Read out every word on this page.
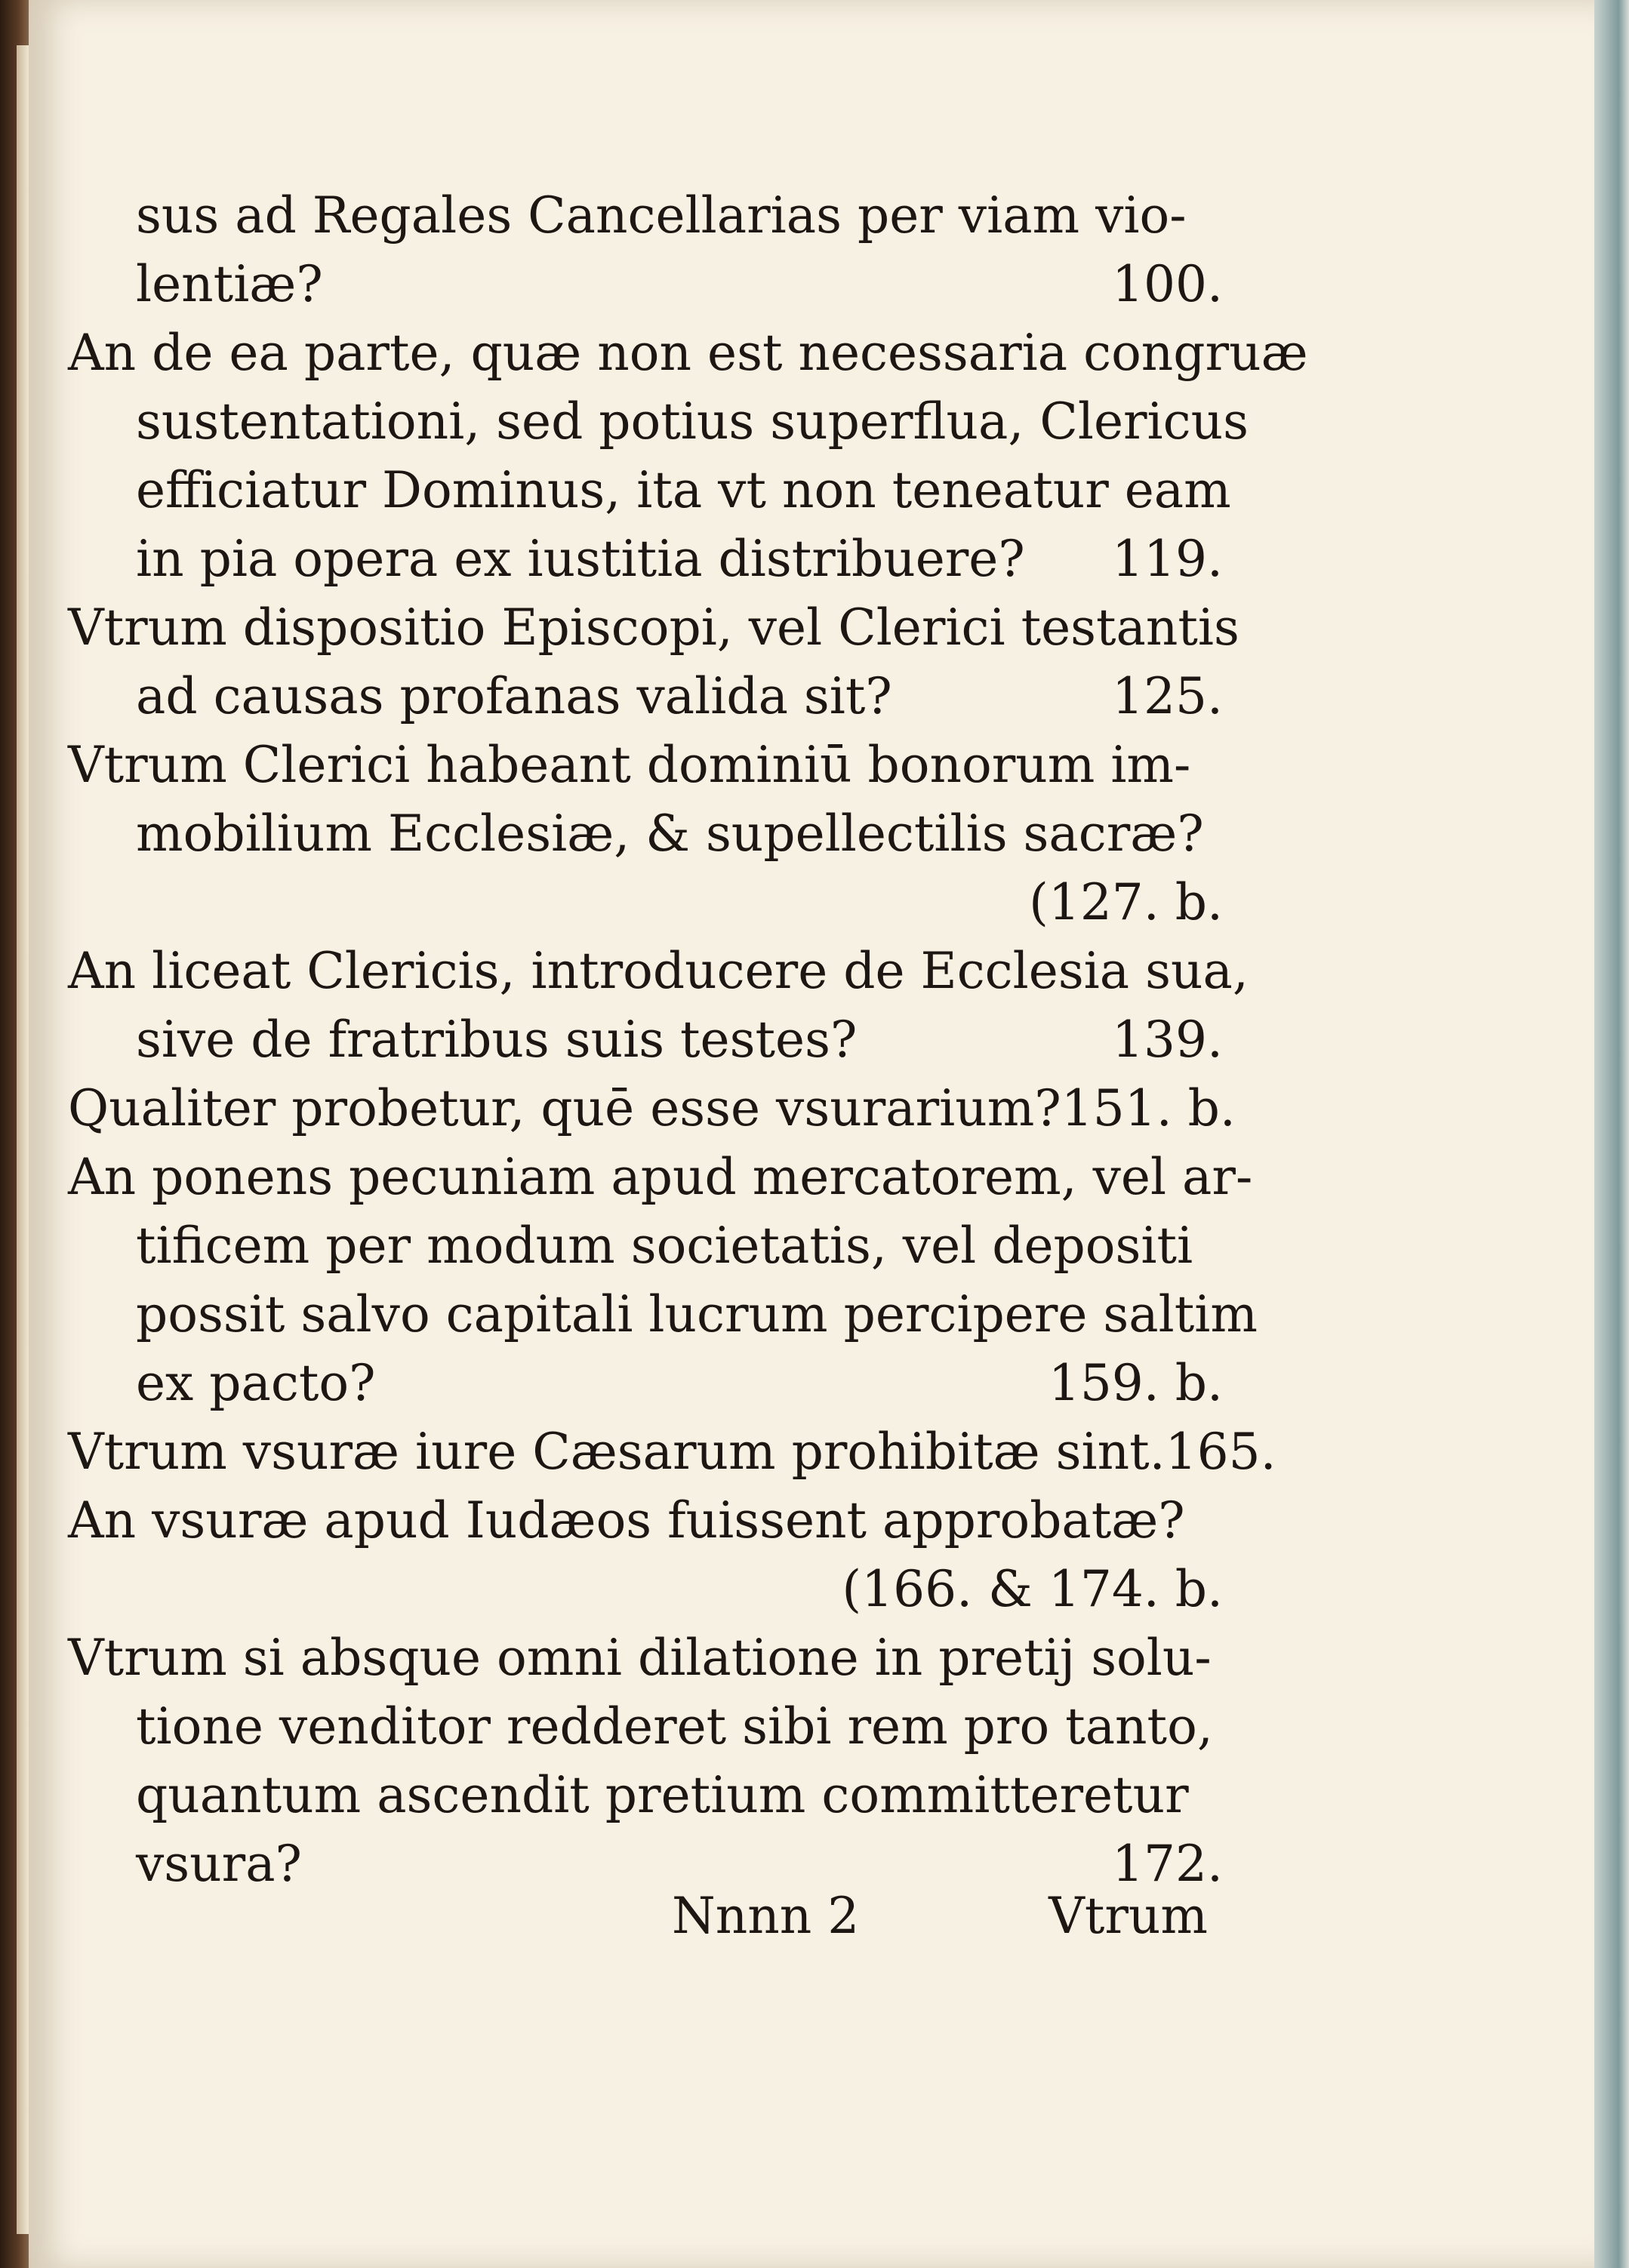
sus ad Regales Cancellarias per viam vio-
lentiæ?	100.
An de ea parte, quæ non est necessaria congruæ
sustentationi, sed potius superflua, Clericus
efficiatur Dominus, ita vt non teneatur eam
in pia opera ex iustitia distribuere? 119.
Vtrum dispositio Episcopi, vel Clerici testantis
ad causas profanas valida sit?	125.
Vtrum Clerici habeant dominiū bonorum im-
mobilium Ecclesiæ, & supellectilis sacræ?
(127. b.
An liceat Clericis, introducere de Ecclesia sua,
sive de fratribus suis testes?	139.
Qualiter probetur, quē esse vsurarium? 151. b.
An ponens pecuniam apud mercatorem, vel ar-
tificem per modum societatis, vel depositi
possit salvo capitali lucrum percipere saltim
ex pacto?	159. b.
Vtrum vsuræ iure Cæsarum prohibitæ sint. 165.
An vsuræ apud Iudæos fuissent approbatæ?
(166. & 174. b.
Vtrum si absque omni dilatione in pretij solu-
tione venditor redderet sibi rem pro tanto,
quantum ascendit pretium committeretur
vsura?	172.
Nnnn 2	Vtrum
